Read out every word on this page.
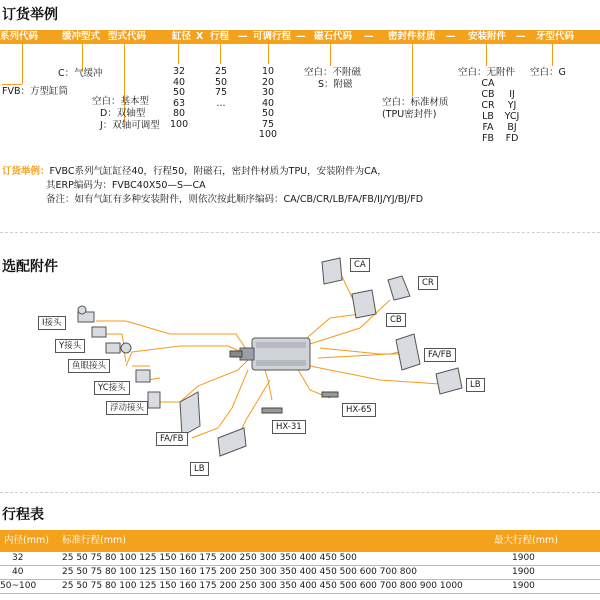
订货举例
系列代码	缓冲型式 型式代码	缸径 X 行程 — 可调行程 — 磁石代码 — 密封件材质 — 安装附件 — 牙型代码
FVB：方型缸筒
C：气缓冲
空白：基本型
D：双轴型
J：双轴可调型
32
40
50
63
80
100
25
50
75
...
10
20
30
40
50
75
100
空白：不附磁
S：附磁
空白：标准材质
(TPU密封件)
空白：无附件
CA
CB
CR
LB
FA
FB
IJ
YJ
YCJ
BJ
FD
空白：G
订货举例：FVBC系列气缸缸径40，行程50，附磁石，密封件材质为TPU，安装附件为CA，
其ERP编码为：FVBC40X50—S—CA
备注：如有气缸有多种安装附件，则依次按此顺序编码：CA/CB/CR/LB/FA/FB/IJ/YJ/BJ/FD
选配附件
I接头
Y接头
鱼眼接头
YC接头
浮动接头
FA/FB
LB
HX-31
HX-65
CA
CR
CB
FA/FB
LB
行程表
内径(mm) 标准行程(mm)	最大行程(mm)
32	25 50 75 80 100 125 150 160 175 200 250 300 350 400 450 500	1900
40	25 50 75 80 100 125 150 160 175 200 250 300 350 400 450 500 600 700 800	1900
50~100	25 50 75 80 100 125 150 160 175 200 250 300 350 400 450 500 600 700 800 900 1000	1900
